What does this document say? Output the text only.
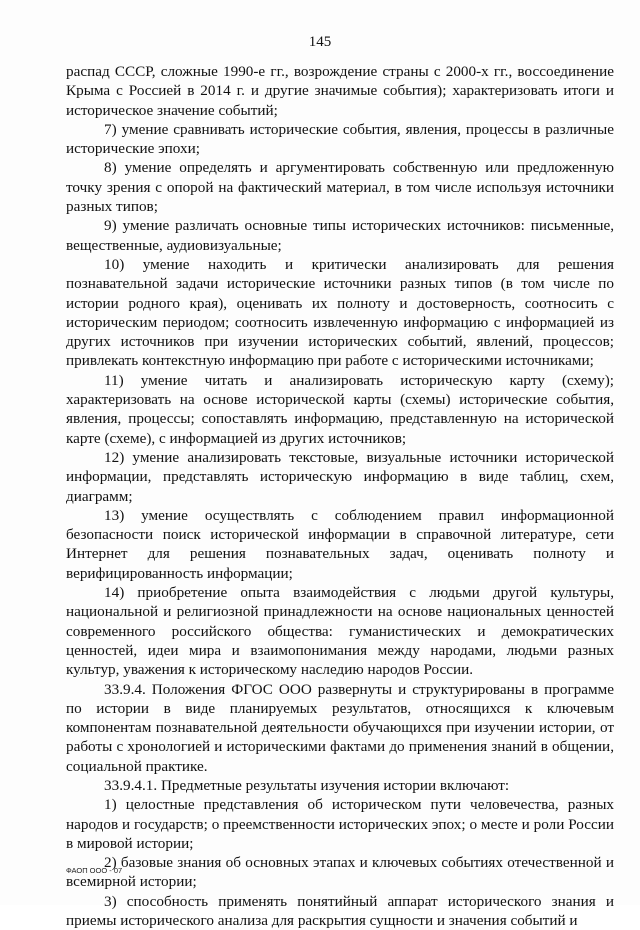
145

распад СССР, сложные 1990-е гг., возрождение страны с 2000-х гг., воссоединение Крыма с Россией в 2014 г. и другие значимые события); характеризовать итоги и историческое значение событий;

7) умение сравнивать исторические события, явления, процессы в различные исторические эпохи;

8) умение определять и аргументировать собственную или предложенную точку зрения с опорой на фактический материал, в том числе используя источники разных типов;

9) умение различать основные типы исторических источников: письменные, вещественные, аудиовизуальные;

10) умение находить и критически анализировать для решения познавательной задачи исторические источники разных типов (в том числе по истории родного края), оценивать их полноту и достоверность, соотносить с историческим периодом; соотносить извлеченную информацию с информацией из других источников при изучении исторических событий, явлений, процессов; привлекать контекстную информацию при работе с историческими источниками;

11) умение читать и анализировать историческую карту (схему); характеризовать на основе исторической карты (схемы) исторические события, явления, процессы; сопоставлять информацию, представленную на исторической карте (схеме), с информацией из других источников;

12) умение анализировать текстовые, визуальные источники исторической информации, представлять историческую информацию в виде таблиц, схем, диаграмм;

13) умение осуществлять с соблюдением правил информационной безопасности поиск исторической информации в справочной литературе, сети Интернет для решения познавательных задач, оценивать полноту и верифицированность информации;

14) приобретение опыта взаимодействия с людьми другой культуры, национальной и религиозной принадлежности на основе национальных ценностей современного российского общества: гуманистических и демократических ценностей, идеи мира и взаимопонимания между народами, людьми разных культур, уважения к историческому наследию народов России.

33.9.4. Положения ФГОС ООО развернуты и структурированы в программе по истории в виде планируемых результатов, относящихся к ключевым компонентам познавательной деятельности обучающихся при изучении истории, от работы с хронологией и историческими фактами до применения знаний в общении, социальной практике.

33.9.4.1. Предметные результаты изучения истории включают:

1) целостные представления об историческом пути человечества, разных народов и государств; о преемственности исторических эпох; о месте и роли России в мировой истории;

2) базовые знания об основных этапах и ключевых событиях отечественной и всемирной истории;

3) способность применять понятийный аппарат исторического знания и приемы исторического анализа для раскрытия сущности и значения событий и

ФАОП ООО - 07
